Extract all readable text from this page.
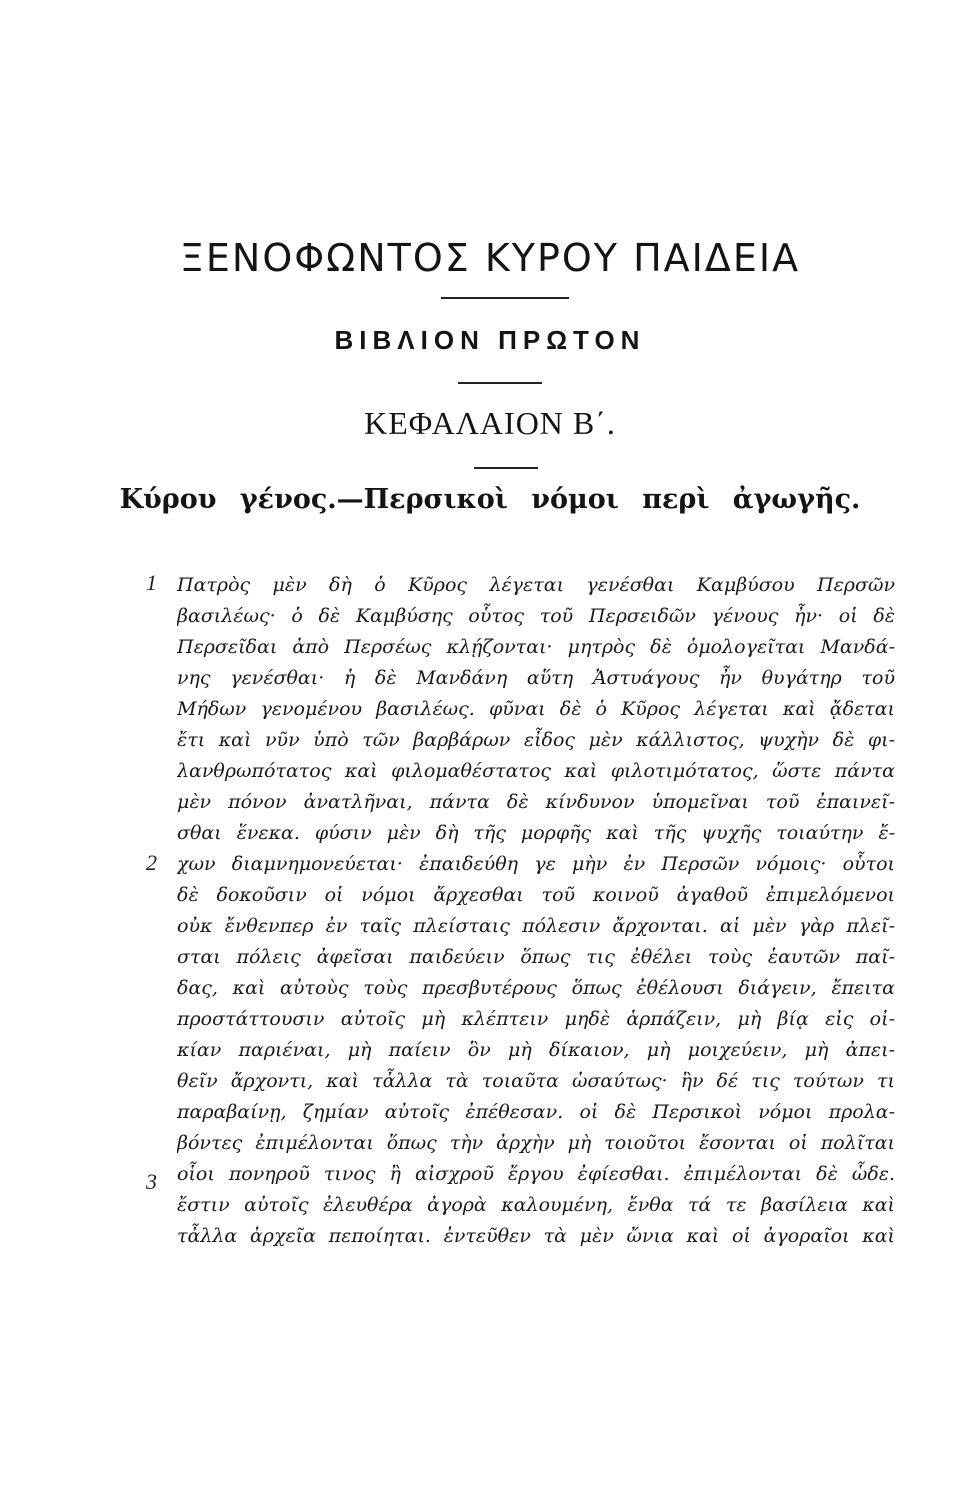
ΞΕΝΟΦΩΝΤΟΣ ΚΥΡΟΥ ΠΑΙΔΕΙΑ
ΒΙΒΛΙΟΝ ΠΡΩΤΟΝ
ΚΕΦΑΛΑΙΟΝ Β΄.
Κύρου γένος.—Περσικοὶ νόμοι περὶ ἀγωγῆς.
1
2
3
Πατρὸς μὲν δὴ ὁ Κῦρος λέγεται γενέσθαι Καμβύσου Περσῶν
βασιλέως· ὁ δὲ Καμβύσης οὗτος τοῦ Περσειδῶν γένους ἦν· οἱ δὲ
Περσεῖδαι ἀπὸ Περσέως κλῄζονται· μητρὸς δὲ ὁμολογεῖται Μανδά-
νης γενέσθαι· ἡ δὲ Μανδάνη αὕτη Ἀστυάγους ἦν θυγάτηρ τοῦ
Μήδων γενομένου βασιλέως. φῦναι δὲ ὁ Κῦρος λέγεται καὶ ᾄδεται
ἔτι καὶ νῦν ὑπὸ τῶν βαρβάρων εἶδος μὲν κάλλιστος, ψυχὴν δὲ φι-
λανθρωπότατος καὶ φιλομαθέστατος καὶ φιλοτιμότατος, ὥστε πάντα
μὲν πόνον ἀνατλῆναι, πάντα δὲ κίνδυνον ὑπομεῖναι τοῦ ἐπαινεῖ-
σθαι ἕνεκα. φύσιν μὲν δὴ τῆς μορφῆς καὶ τῆς ψυχῆς τοιαύτην ἔ-
χων διαμνημονεύεται· ἐπαιδεύθη γε μὴν ἐν Περσῶν νόμοις· οὗτοι
δὲ δοκοῦσιν οἱ νόμοι ἄρχεσθαι τοῦ κοινοῦ ἀγαθοῦ ἐπιμελόμενοι
οὐκ ἔνθενπερ ἐν ταῖς πλείσταις πόλεσιν ἄρχονται. αἱ μὲν γὰρ πλεῖ-
σται πόλεις ἀφεῖσαι παιδεύειν ὅπως τις ἐθέλει τοὺς ἑαυτῶν παῖ-
δας, καὶ αὐτοὺς τοὺς πρεσβυτέρους ὅπως ἐθέλουσι διάγειν, ἔπειτα
προστάττουσιν αὐτοῖς μὴ κλέπτειν μηδὲ ἁρπάζειν, μὴ βίᾳ εἰς οἰ-
κίαν παριέναι, μὴ παίειν ὃν μὴ δίκαιον, μὴ μοιχεύειν, μὴ ἀπει-
θεῖν ἄρχοντι, καὶ τἆλλα τὰ τοιαῦτα ὡσαύτως· ἢν δέ τις τούτων τι
παραβαίνῃ, ζημίαν αὐτοῖς ἐπέθεσαν. οἱ δὲ Περσικοὶ νόμοι προλα-
βόντες ἐπιμέλονται ὅπως τὴν ἀρχὴν μὴ τοιοῦτοι ἔσονται οἱ πολῖται
οἷοι πονηροῦ τινος ἢ αἰσχροῦ ἔργου ἐφίεσθαι. ἐπιμέλονται δὲ ὧδε.
ἔστιν αὐτοῖς ἐλευθέρα ἀγορὰ καλουμένη, ἔνθα τά τε βασίλεια καὶ
τἆλλα ἀρχεῖα πεποίηται. ἐντεῦθεν τὰ μὲν ὤνια καὶ οἱ ἀγοραῖοι καὶ
